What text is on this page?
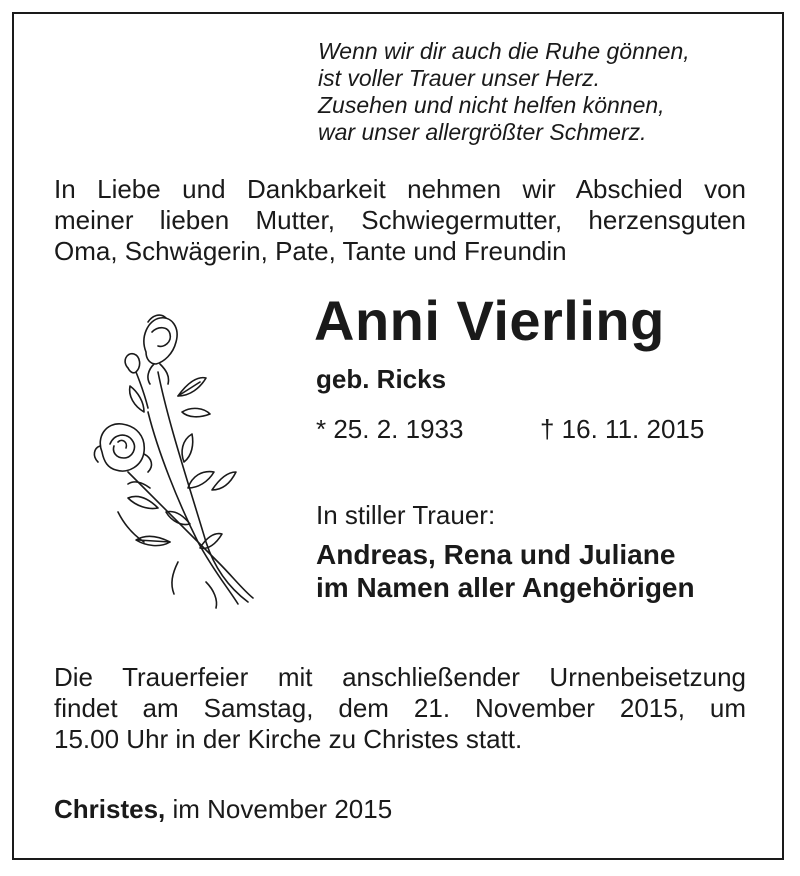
Wenn wir dir auch die Ruhe gönnen,
ist voller Trauer unser Herz.
Zusehen und nicht helfen können,
war unser allergrößter Schmerz.
In Liebe und Dankbarkeit nehmen wir Abschied von
meiner lieben Mutter, Schwiegermutter, herzensguten
Oma, Schwägerin, Pate, Tante und Freundin
Anni Vierling
geb. Ricks
* 25. 2. 1933	† 16. 11. 2015
In stiller Trauer:
Andreas, Rena und Juliane
im Namen aller Angehörigen
Die Trauerfeier mit anschließender Urnenbeisetzung
findet am Samstag, dem 21. November 2015, um
15.00 Uhr in der Kirche zu Christes statt.
Christes, im November 2015
